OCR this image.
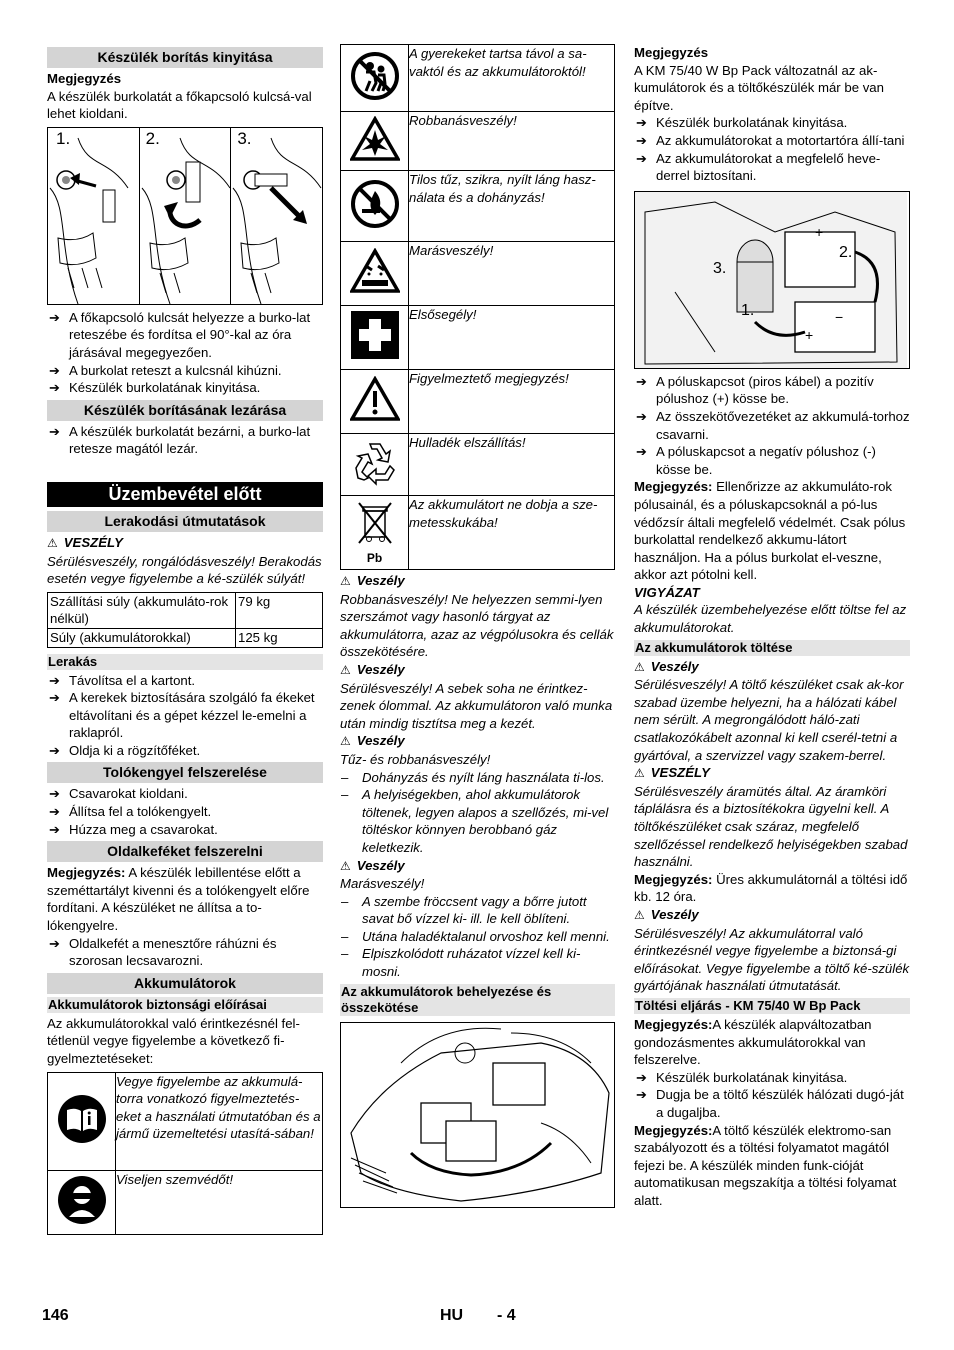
Készülék borítás kinyitása
Megjegyzés
A készülék burkolatát a főkapcsoló kulcsá-val lehet kioldani.
1.	2.	3.
➔ A főkapcsoló kulcsát helyezze a burko-lat reteszébe és fordítsa el 90°-kal az óra járásával megegyezően.
➔ A burkolat reteszt a kulcsnál kihúzni.
➔ Készülék burkolatának kinyitása.
Készülék borításának lezárása
➔ A készülék burkolatát bezárni, a burko-lat retesze magától lezár.
Üzembevétel előtt
Lerakodási útmutatások
⚠ VESZÉLY
Sérülésveszély, rongálódásveszély! Berakodás esetén vegye figyelembe a ké-szülék súlyát!
Szállítási súly (akkumuláto-rok nélkül)	79 kg
Súly (akkumulátorokkal)	125 kg
Lerakás
➔ Távolítsa el a kartont.
➔ A kerekek biztosítására szolgáló fa ékeket eltávolítani és a gépet kézzel le-emelni a raklapról.
➔ Oldja ki a rögzítőféket.
Tolókengyel felszerelése
➔ Csavarokat kioldani.
➔ Állítsa fel a tolókengyelt.
➔ Húzza meg a csavarokat.
Oldalkeféket felszerelni
Megjegyzés: A készülék lebillentése előtt a szeméttartályt kivenni és a tolókengyelt előre fordítani. A készüléket ne állítsa a to-lókengyelre.
➔ Oldalkefét a menesztőre ráhúzni és szorosan lecsavarozni.
Akkumulátorok
Akkumulátorok biztonsági előírásai
Az akkumulátorokkal való érintkezésnél fel-tétlenül vegye figyelembe a következő fi-gyelmeztetéseket:
	Vegye figyelembe az akkumulá-torra vonatkozó figyelmeztetés-eket a használati útmutatóban és a jármű üzemeltetési utasítá-sában!
	Viseljen szemvédőt!
	A gyerekeket tartsa távol a sa-vaktól és az akkumulátoroktól!
	Robbanásveszély!
	Tilos tűz, szikra, nyílt láng hasz-nálata és a dohányzás!
	Marásveszély!
	Elsősegély!
	Figyelmeztető megjegyzés!
	Hulladék elszállítás!

Pb	Az akkumulátort ne dobja a sze-metesskukába!
⚠ Veszély
Robbanásveszély! Ne helyezzen semmi-lyen szerszámot vagy hasonló tárgyat az akkumulátorra, azaz az végpólusokra és cellák összekötésére.
⚠ Veszély
Sérülésveszély! A sebek soha ne érintkez-zenek ólommal. Az akkumulátoron való munka után mindig tisztítsa meg a kezét.
⚠ Veszély
Tűz- és robbanásveszély!
– Dohányzás és nyílt láng használata ti-los.
– A helyiségekben, ahol akkumulátorok töltenek, legyen alapos a szellőzés, mi-vel töltéskor könnyen berobbanó gáz keletkezik.
⚠ Veszély
Marásveszély!
– A szembe fröccsent vagy a bőrre jutott savat bő vízzel ki- ill. le kell öblíteni.
– Utána haladéktalanul orvoshoz kell menni.
– Elpiszkolódott ruházatot vízzel kell ki-mosni.
Az akkumulátorok behelyezése és összekötése
Megjegyzés
A KM 75/40 W Bp Pack változatnál az ak-kumulátorok és a töltőkészülék már be van építve.
➔ Készülék burkolatának kinyitása.
➔ Az akkumulátorokat a motortartóra állí-tani
➔ Az akkumulátorokat a megfelelő heve-derrel biztosítani.
+
−
+
1.
2.
3.
➔ A póluskapcsot (piros kábel) a pozitív pólushoz (+) kösse be.
➔ Az összekötővezetéket az akkumulá-torhoz csavarni.
➔ A póluskapcsot a negatív pólushoz (-) kösse be.
Megjegyzés: Ellenőrizze az akkumuláto-rok pólusainál, és a póluskapcsoknál a pó-lus védőzsír általi megfelelő védelmét. Csak pólus burkolattal rendelkező akkumu-látort használjon. Ha a pólus burkolat el-veszne, akkor azt pótolni kell.
VIGYÁZAT
A készülék üzembehelyezése előtt töltse fel az akkumulátorokat.
Az akkumulátorok töltése
⚠ Veszély
Sérülésveszély! A töltő készüléket csak ak-kor szabad üzembe helyezni, ha a hálózati kábel nem sérült. A megrongálódott háló-zati csatlakozókábelt azonnal ki kell cserél-tetni a gyártóval, a szervizzel vagy szakem-berrel.
⚠ VESZÉLY
Sérülésveszély áramütés által. Az áramköri táplálásra és a biztosítékokra ügyelni kell. A töltőkészüléket csak száraz, megfelelő szellőzéssel rendelkező helyiségekben szabad használni.
Megjegyzés: Üres akkumulátornál a töltési idő kb. 12 óra.
⚠ Veszély
Sérülésveszély! Az akkumulátorral való érintkezésnél vegye figyelembe a biztonsá-gi előírásokat. Vegye figyelembe a töltő ké-szülék gyártójának használati útmutatását.
Töltési eljárás - KM 75/40 W Bp Pack
Megjegyzés:A készülék alapváltozatban gondozásmentes akkumulátorokkal van felszerelve.
➔ Készülék burkolatának kinyitása.
➔ Dugja be a töltő készülék hálózati dugó-ját a dugaljba.
Megjegyzés:A töltő készülék elektromo-san szabályozott és a töltési folyamatot magától fejezi be. A készülék minden funk-cióját automatikusan megszakítja a töltési folyamat alatt.
146	HU - 4
